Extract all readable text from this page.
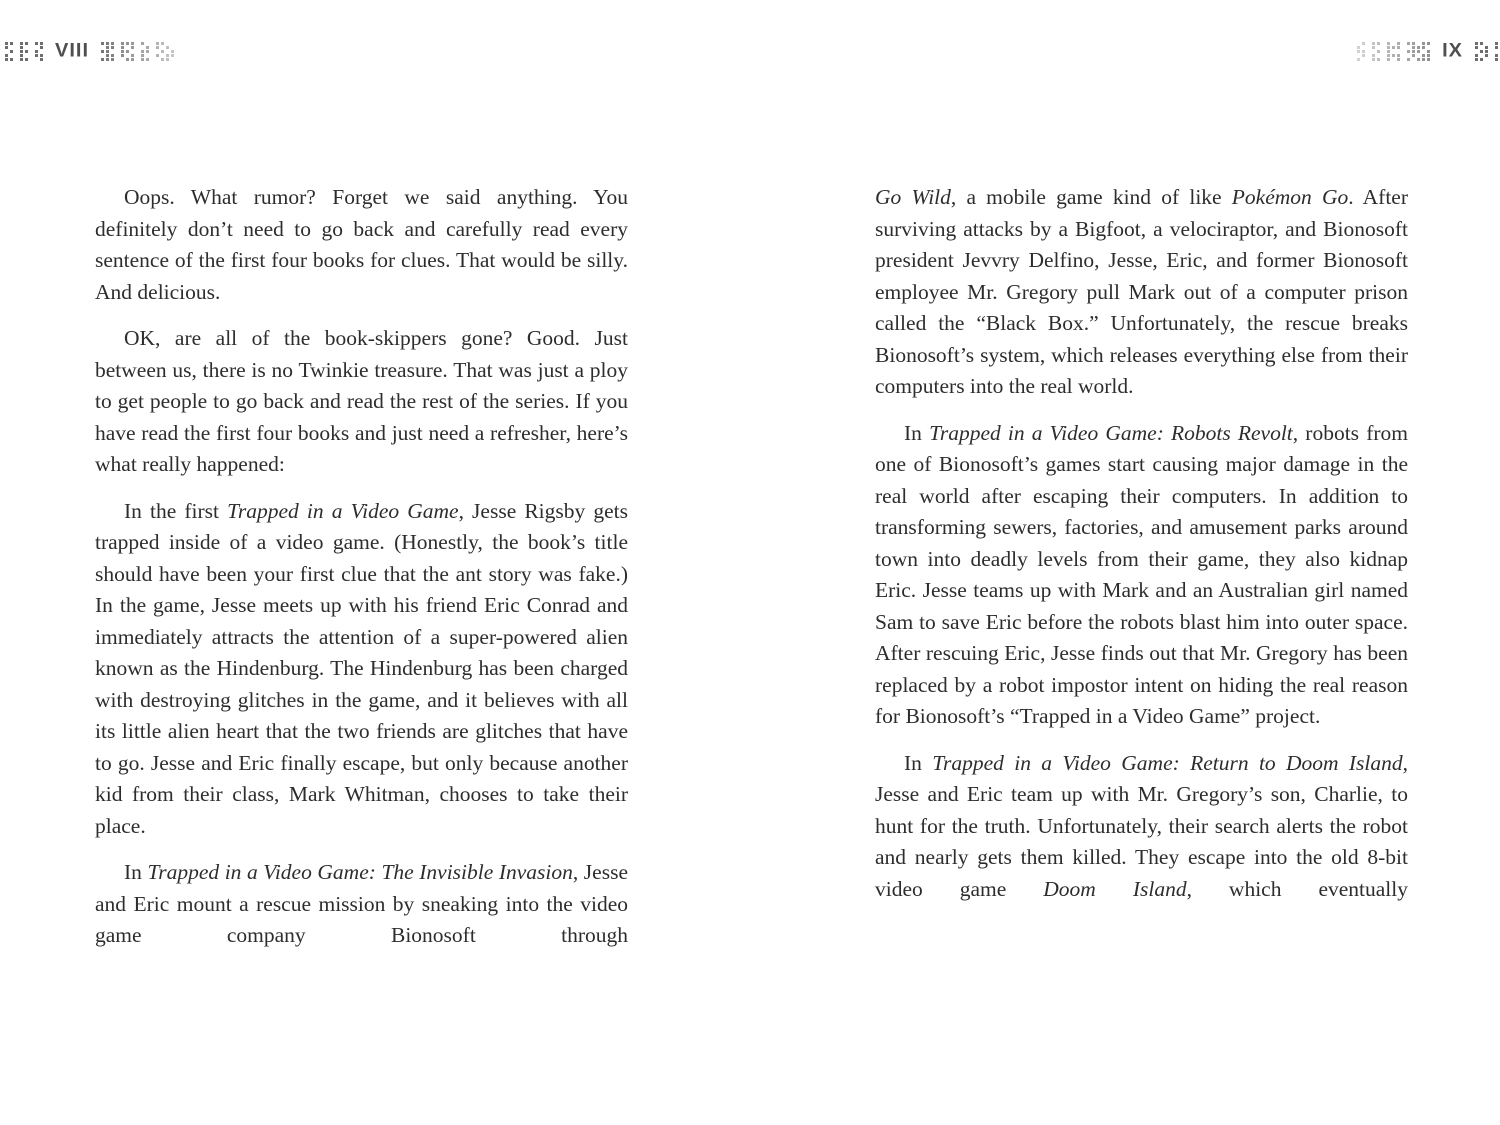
VIII	IX

Oops. What rumor? Forget we said anything. You definitely don’t need to go back and carefully read every sentence of the first four books for clues. That would be silly. And delicious.

OK, are all of the book-skippers gone? Good. Just between us, there is no Twinkie treasure. That was just a ploy to get people to go back and read the rest of the series. If you have read the first four books and just need a refresher, here’s what really happened:

In the first Trapped in a Video Game, Jesse Rigsby gets trapped inside of a video game. (Honestly, the book’s title should have been your first clue that the ant story was fake.) In the game, Jesse meets up with his friend Eric Conrad and immediately attracts the attention of a super-powered alien known as the Hindenburg. The Hindenburg has been charged with destroying glitches in the game, and it believes with all its little alien heart that the two friends are glitches that have to go. Jesse and Eric finally escape, but only because another kid from their class, Mark Whitman, chooses to take their place.

In Trapped in a Video Game: The Invisible Invasion, Jesse and Eric mount a rescue mission by sneaking into the video game company Bionosoft through

Go Wild, a mobile game kind of like Pokémon Go. After surviving attacks by a Bigfoot, a velociraptor, and Bionosoft president Jevvry Delfino, Jesse, Eric, and former Bionosoft employee Mr. Gregory pull Mark out of a computer prison called the “Black Box.” Unfortunately, the rescue breaks Bionosoft’s system, which releases everything else from their computers into the real world.

In Trapped in a Video Game: Robots Revolt, robots from one of Bionosoft’s games start causing major damage in the real world after escaping their computers. In addition to transforming sewers, factories, and amusement parks around town into deadly levels from their game, they also kidnap Eric. Jesse teams up with Mark and an Australian girl named Sam to save Eric before the robots blast him into outer space. After rescuing Eric, Jesse finds out that Mr. Gregory has been replaced by a robot impostor intent on hiding the real reason for Bionosoft’s “Trapped in a Video Game” project.

In Trapped in a Video Game: Return to Doom Island, Jesse and Eric team up with Mr. Gregory’s son, Charlie, to hunt for the truth. Unfortunately, their search alerts the robot and nearly gets them killed. They escape into the old 8-bit video game Doom Island, which eventually
